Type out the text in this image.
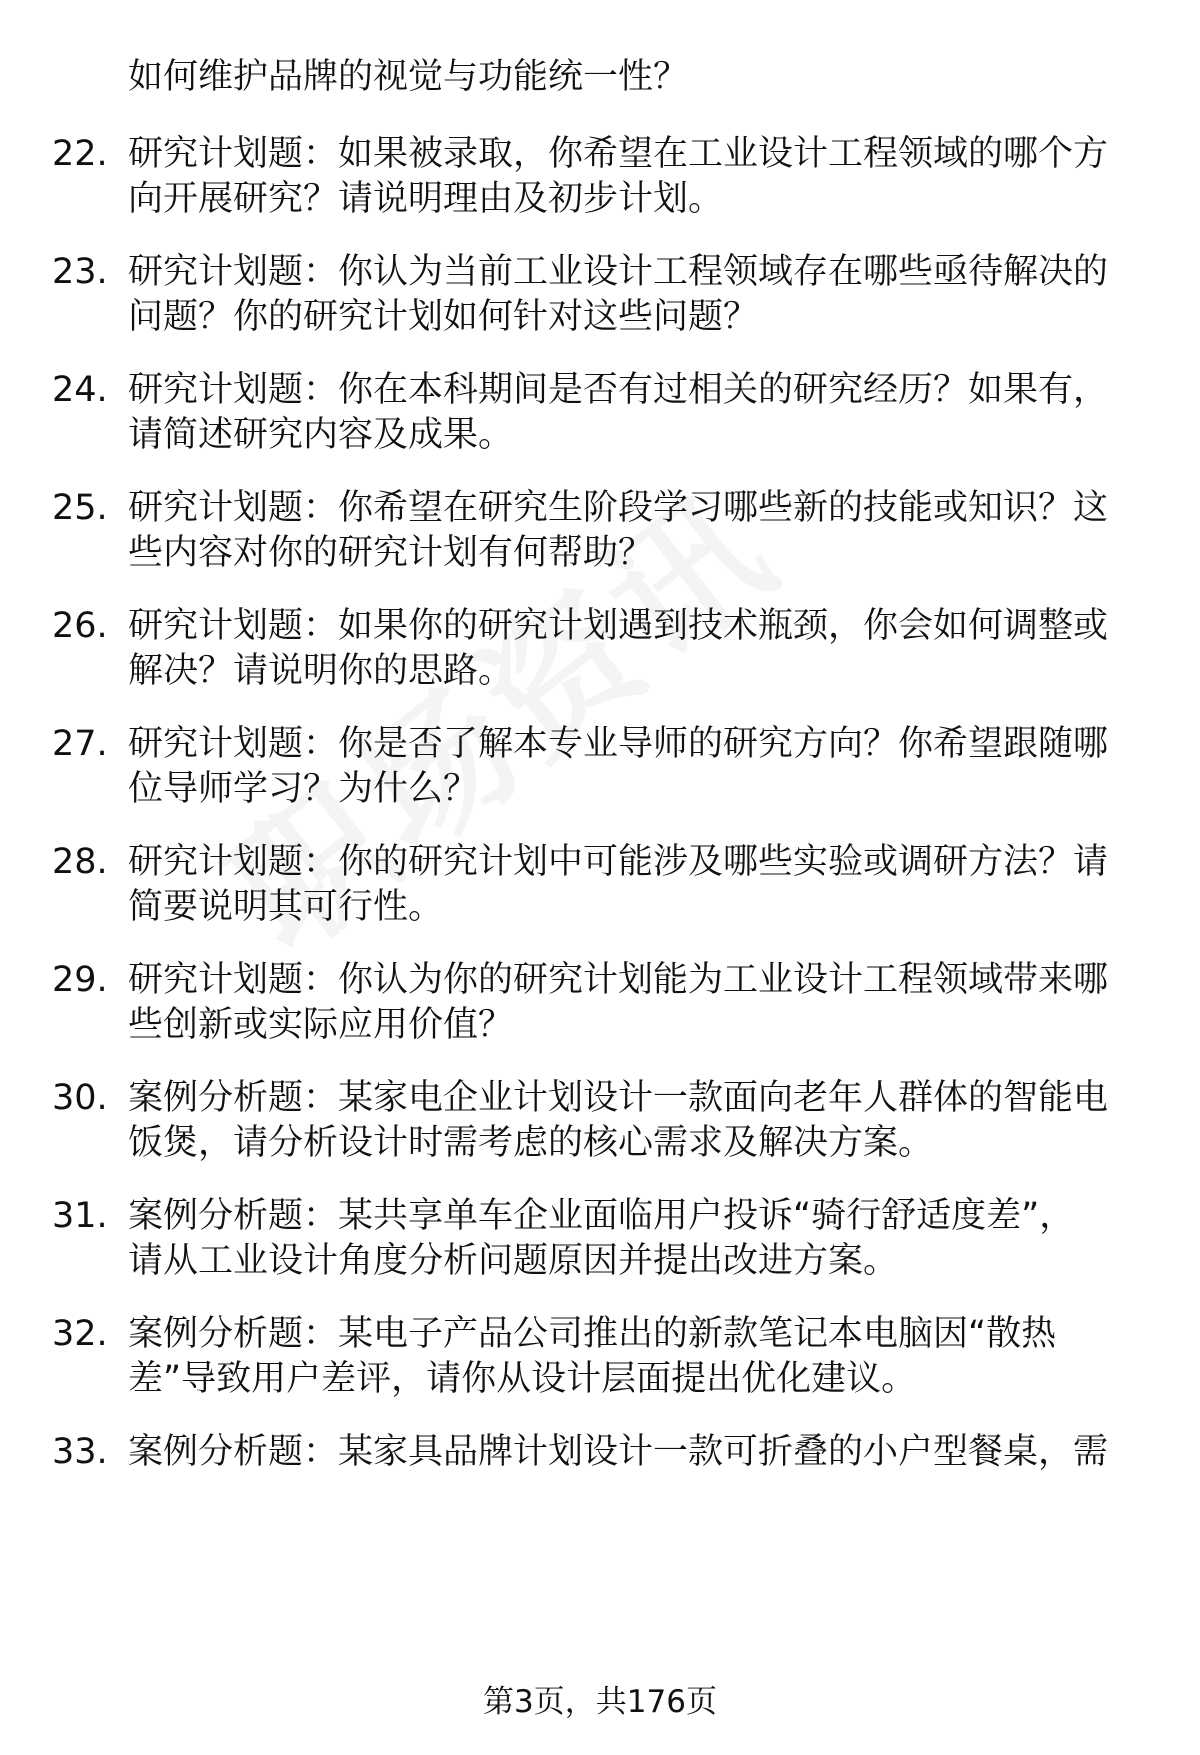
如何维护品牌的视觉与功能统一性？
22. 研究计划题：如果被录取，你希望在工业设计工程领域的哪个方
向开展研究？请说明理由及初步计划。
23. 研究计划题：你认为当前工业设计工程领域存在哪些亟待解决的
问题？你的研究计划如何针对这些问题？
24. 研究计划题：你在本科期间是否有过相关的研究经历？如果有，
请简述研究内容及成果。
25. 研究计划题：你希望在研究生阶段学习哪些新的技能或知识？这
些内容对你的研究计划有何帮助？
26. 研究计划题：如果你的研究计划遇到技术瓶颈，你会如何调整或
解决？请说明你的思路。
27. 研究计划题：你是否了解本专业导师的研究方向？你希望跟随哪
位导师学习？为什么？
28. 研究计划题：你的研究计划中可能涉及哪些实验或调研方法？请
简要说明其可行性。
29. 研究计划题：你认为你的研究计划能为工业设计工程领域带来哪
些创新或实际应用价值？
30. 案例分析题：某家电企业计划设计一款面向老年人群体的智能电
饭煲，请分析设计时需考虑的核心需求及解决方案。
31. 案例分析题：某共享单车企业面临用户投诉“骑行舒适度差”，
请从工业设计角度分析问题原因并提出改进方案。
32. 案例分析题：某电子产品公司推出的新款笔记本电脑因“散热
差”导致用户差评，请你从设计层面提出优化建议。
33. 案例分析题：某家具品牌计划设计一款可折叠的小户型餐桌，需
第3页，共176页
